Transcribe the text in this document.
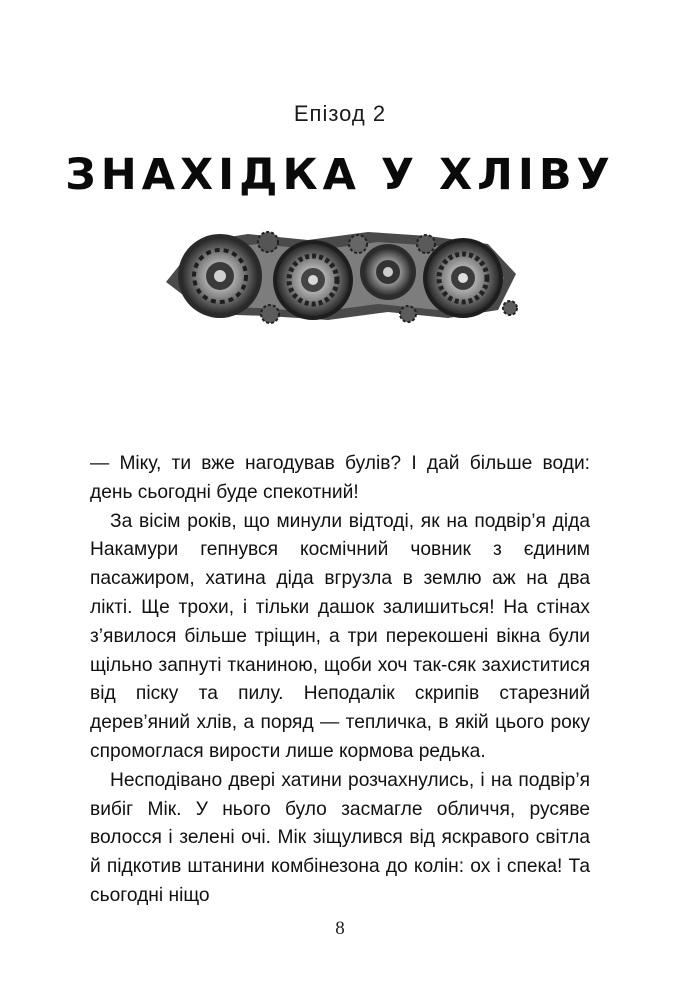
Епізод 2
ЗНАХІДКА У ХЛІВУ

— Міку, ти вже нагодував булів? І дай більше води: день сьогодні буде спекотний!

За вісім років, що минули відтоді, як на подвір’я діда Накамури гепнувся космічний човник з єдиним пасажиром, хатина діда вгрузла в землю аж на два лікті. Ще трохи, і тільки дашок залишиться! На стінах з’явилося більше тріщин, а три перекошені вікна були щільно запнуті тканиною, щоби хоч так-сяк захиститися від піску та пилу. Неподалік скрипів старезний дерев’яний хлів, а поряд — тепличка, в якій цього року спромоглася вирости лише кормова редька.

Несподівано двері хатини розчахнулись, і на подвір’я вибіг Мік. У нього було засмагле обличчя, русяве волосся і зелені очі. Мік зіщулився від яскравого світла й підкотив штанини комбінезона до колін: ох і спека! Та сьогодні ніщо

8
